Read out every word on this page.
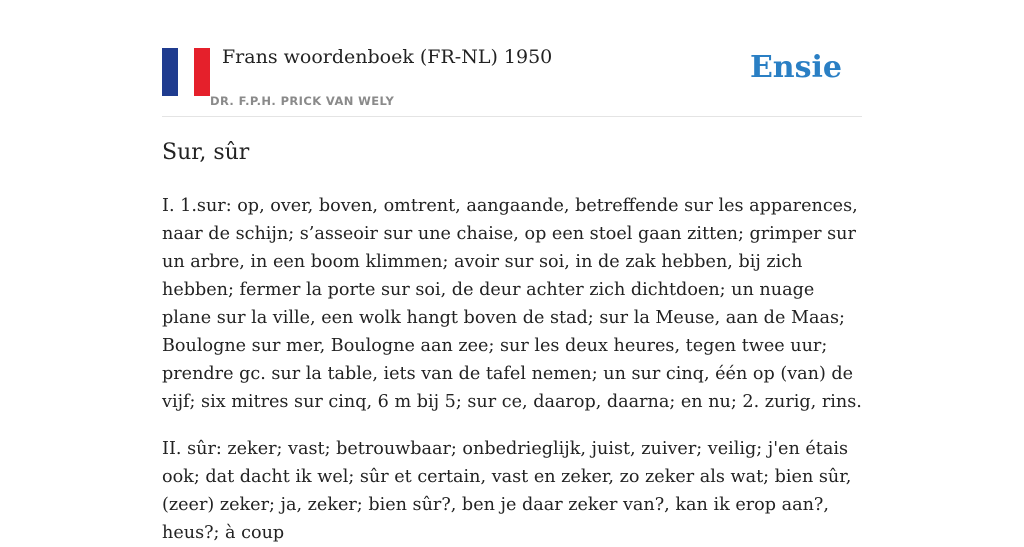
Frans woordenboek (FR-NL) 1950
DR. F.P.H. PRICK VAN WELY
Ensie
Sur, sûr

I. 1.sur: op, over, boven, omtrent, aangaande, betreffende sur les apparences, naar de schijn; s’asseoir sur une chaise, op een stoel gaan zitten; grimper sur un arbre, in een boom klimmen; avoir sur soi, in de zak hebben, bij zich hebben; fermer la porte sur soi, de deur achter zich dichtdoen; un nuage plane sur la ville, een wolk hangt boven de stad; sur la Meuse, aan de Maas; Boulogne sur mer, Boulogne aan zee; sur les deux heures, tegen twee uur; prendre gc. sur la table, iets van de tafel nemen; un sur cinq, één op (van) de vijf; six mitres sur cinq, 6 m bij 5; sur ce, daarop, daarna; en nu; 2. zurig, rins.

II. sûr: zeker; vast; betrouwbaar; onbedrieglijk, juist, zuiver; veilig; j'en étais ook; dat dacht ik wel; sûr et certain, vast en zeker, zo zeker als wat; bien sûr, (zeer) zeker; ja, zeker; bien sûr?, ben je daar zeker van?, kan ik erop aan?, heus?; à coup
